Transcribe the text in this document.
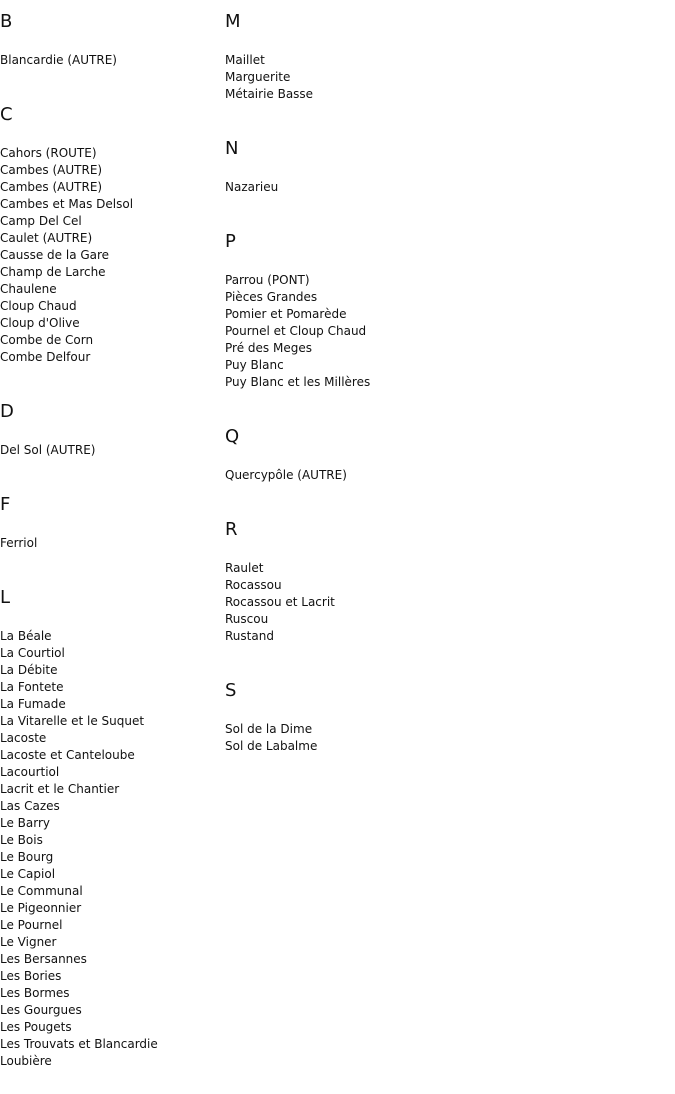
B
Blancardie (AUTRE)
C
Cahors (ROUTE)
Cambes (AUTRE)
Cambes (AUTRE)
Cambes et Mas Delsol
Camp Del Cel
Caulet (AUTRE)
Causse de la Gare
Champ de Larche
Chaulene
Cloup Chaud
Cloup d'Olive
Combe de Corn
Combe Delfour
D
Del Sol (AUTRE)
F
Ferriol
L
La Béale
La Courtiol
La Débite
La Fontete
La Fumade
La Vitarelle et le Suquet
Lacoste
Lacoste et Canteloube
Lacourtiol
Lacrit et le Chantier
Las Cazes
Le Barry
Le Bois
Le Bourg
Le Capiol
Le Communal
Le Pigeonnier
Le Pournel
Le Vigner
Les Bersannes
Les Bories
Les Bormes
Les Gourgues
Les Pougets
Les Trouvats et Blancardie
Loubière
M
Maillet
Marguerite
Métairie Basse
N
Nazarieu
P
Parrou (PONT)
Pièces Grandes
Pomier et Pomarède
Pournel et Cloup Chaud
Pré des Meges
Puy Blanc
Puy Blanc et les Millères
Q
Quercypôle (AUTRE)
R
Raulet
Rocassou
Rocassou et Lacrit
Ruscou
Rustand
S
Sol de la Dime
Sol de Labalme
